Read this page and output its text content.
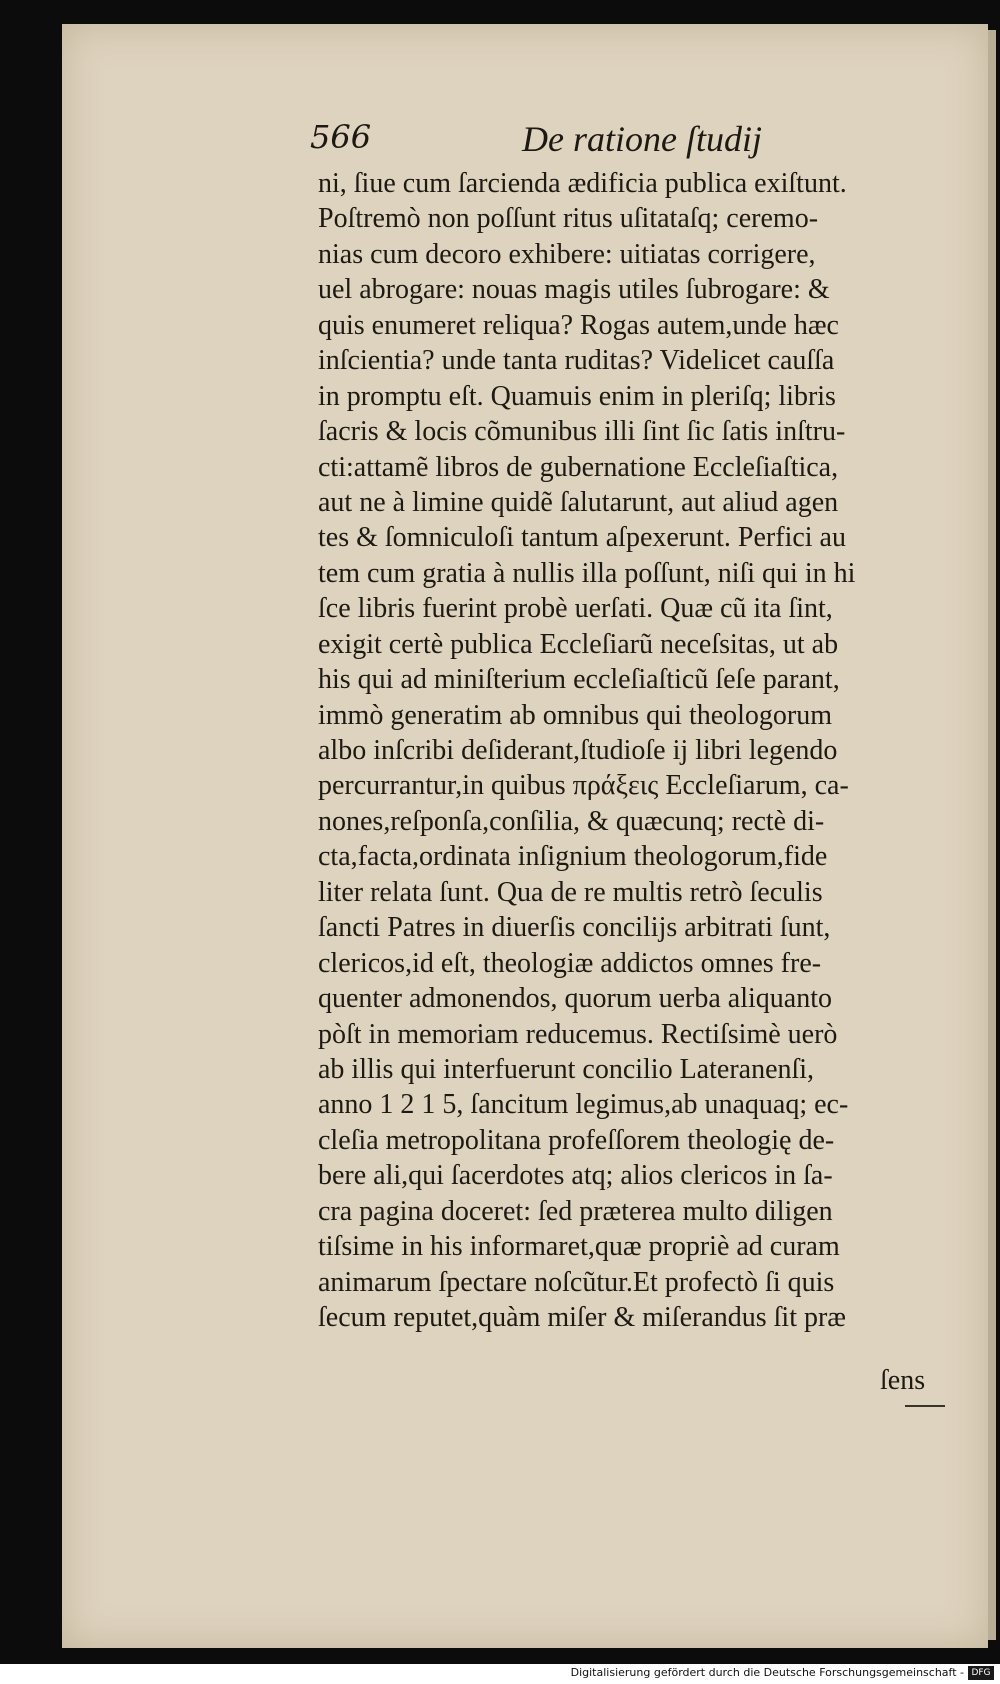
566	De ratione ſtudij
ni, ſiue cum ſarcienda ædificia publica exiſtunt.
Poſtremò non poſſunt ritus uſitataſq; ceremo-
nias cum decoro exhibere: uitiatas corrigere,
uel abrogare: nouas magis utiles ſubrogare: &
quis enumeret reliqua? Rogas autem,unde hæc
inſcientia? unde tanta ruditas? Videlicet cauſſa
in promptu eſt. Quamuis enim in pleriſq; libris
ſacris & locis cõmunibus illi ſint ſic ſatis inſtru-
cti:attamẽ libros de gubernatione Eccleſiaſtica,
aut ne à limine quidẽ ſalutarunt, aut aliud agen
tes & ſomniculoſi tantum aſpexerunt. Perfici au
tem cum gratia à nullis illa poſſunt, niſi qui in hi
ſce libris fuerint probè uerſati. Quæ cũ ita ſint,
exigit certè publica Eccleſiarũ neceſsitas, ut ab
his qui ad miniſterium eccleſiaſticũ ſeſe parant,
immò generatim ab omnibus qui theologorum
albo inſcribi deſiderant,ſtudioſe ij libri legendo
percurrantur,in quibus πράξεις Eccleſiarum, ca-
nones,reſponſa,conſilia, & quæcunq; rectè di-
cta,facta,ordinata inſignium theologorum,fide
liter relata ſunt. Qua de re multis retrò ſeculis
ſancti Patres in diuerſis concilijs arbitrati ſunt,
clericos,id eſt, theologiæ addictos omnes fre-
quenter admonendos, quorum uerba aliquanto
pòſt in memoriam reducemus. Rectiſsimè uerò
ab illis qui interfuerunt concilio Lateranenſi,
anno 1 2 1 5, ſancitum legimus,ab unaquaq; ec-
cleſia metropolitana profeſſorem theologię de-
bere ali,qui ſacerdotes atq; alios clericos in ſa-
cra pagina doceret: ſed præterea multo diligen
tiſsime in his informaret,quæ propriè ad curam
animarum ſpectare noſcũtur.Et profectò ſi quis
ſecum reputet,quàm miſer & miſerandus ſit præ
ſens
Digitalisierung gefördert durch die Deutsche Forschungsgemeinschaft - DFG
